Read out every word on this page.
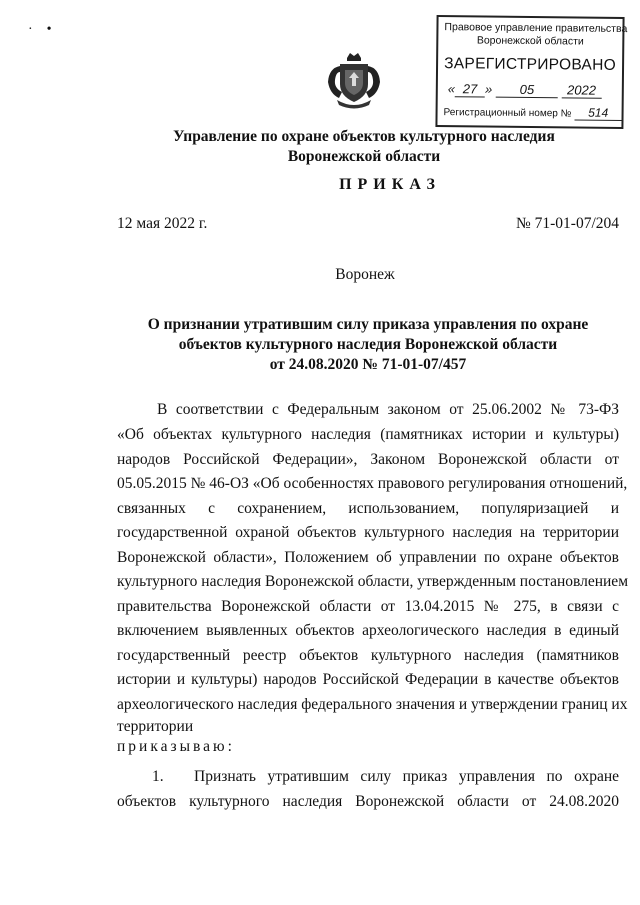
·•	Правовое управление правительства
Воронежской области
ЗАРЕГИСТРИРОВАНО
« 27 » 05	2022
Регистрационный номер № 514
Управление по охране объектов культурного наследия
Воронежской области
ПРИКАЗ
12 мая 2022 г.	№ 71-01-07/204
Воронеж
О признании утратившим силу приказа управления по охране
объектов культурного наследия Воронежской области
от 24.08.2020 № 71-01-07/457
В соответствии с Федеральным законом от 25.06.2002 № 73-ФЗ
«Об объектах культурного наследия (памятниках истории и культуры)
народов Российской Федерации», Законом Воронежской области от
05.05.2015 № 46-ОЗ «Об особенностях правового регулирования отношений,
связанных с сохранением, использованием, популяризацией и
государственной охраной объектов культурного наследия на территории
Воронежской области», Положением об управлении по охране объектов
культурного наследия Воронежской области, утвержденным постановлением
правительства Воронежской области от 13.04.2015 № 275, в связи с
включением выявленных объектов археологического наследия в единый
государственный реестр объектов культурного наследия (памятников
истории и культуры) народов Российской Федерации в качестве объектов
археологического наследия федерального значения и утверждении границ их
территории
приказываю:
1. Признать утратившим силу приказ управления по охране
объектов культурного наследия Воронежской области от 24.08.2020
